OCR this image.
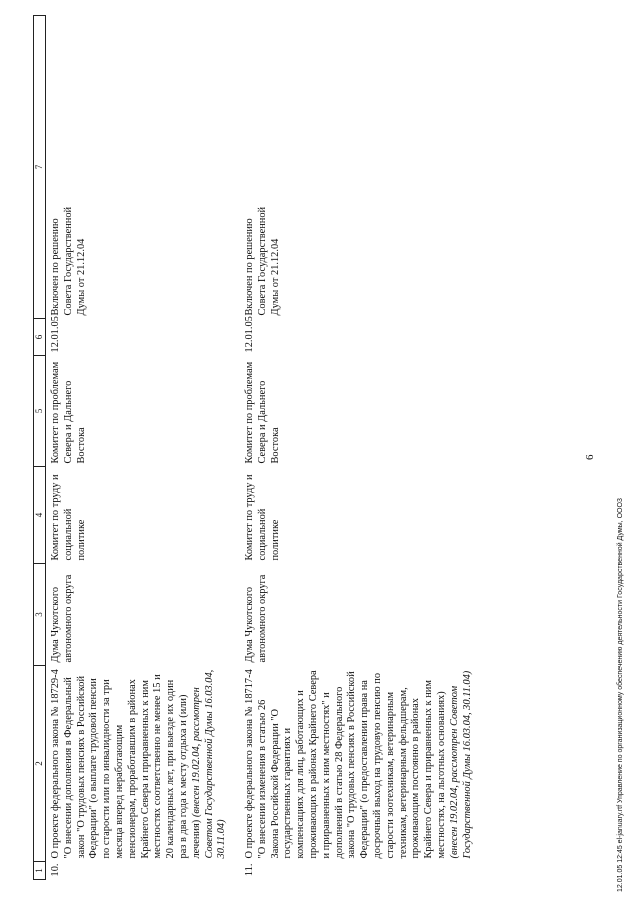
6
1	2	3	4	5	6	7
10.	О проекте федерального закона № 18729-4 "О внесении дополнения в Федеральный закон "О трудовых пенсиях в Российской Федерации" (о выплате трудовой пенсии по старости или по инвалидности за три месяца вперед неработающим пенсионерам, проработавшим в районах Крайнего Севера и приравненных к ним местностях соответственно не менее 15 и 20 календарных лет, при выезде их один раз в два года к месту отдыха и (или) лечения) (внесен 19.02.04, рассмотрен Советом Государственной Думы 16.03.04, 30.11.04)	Дума Чукотского автономного округа	Комитет по труду и социальной политике	Комитет по проблемам Севера и Дальнего Востока	12.01.05	Включен по решению Совета Государственной Думы от 21.12.04
11.	О проекте федерального закона № 18717-4 "О внесении изменения в статью 26 Закона Российской Федерации "О государственных гарантиях и компенсациях для лиц, работающих и проживающих в районах Крайнего Севера и приравненных к ним местностях" и дополнений в статью 28 Федерального закона "О трудовых пенсиях в Российской Федерации" (о предоставлении права на досрочный выход на трудовую пенсию по старости зоотехникам, ветеринарным техникам, ветеринарным фельдшерам, проживающим постоянно в районах Крайнего Севера и приравненных к ним местностях, на льготных основаниях) (внесен 19.02.04, рассмотрен Советом Государственной Думы 16.03.04, 30.11.04)	Дума Чукотского автономного округа	Комитет по труду и социальной политике	Комитет по проблемам Севера и Дальнего Востока	12.01.05	Включен по решению Совета Государственной Думы от 21.12.04
12.01.05 12:45 el-january.rtf Управление по организационному обеспечению деятельности Государственной Думы, ООО3
